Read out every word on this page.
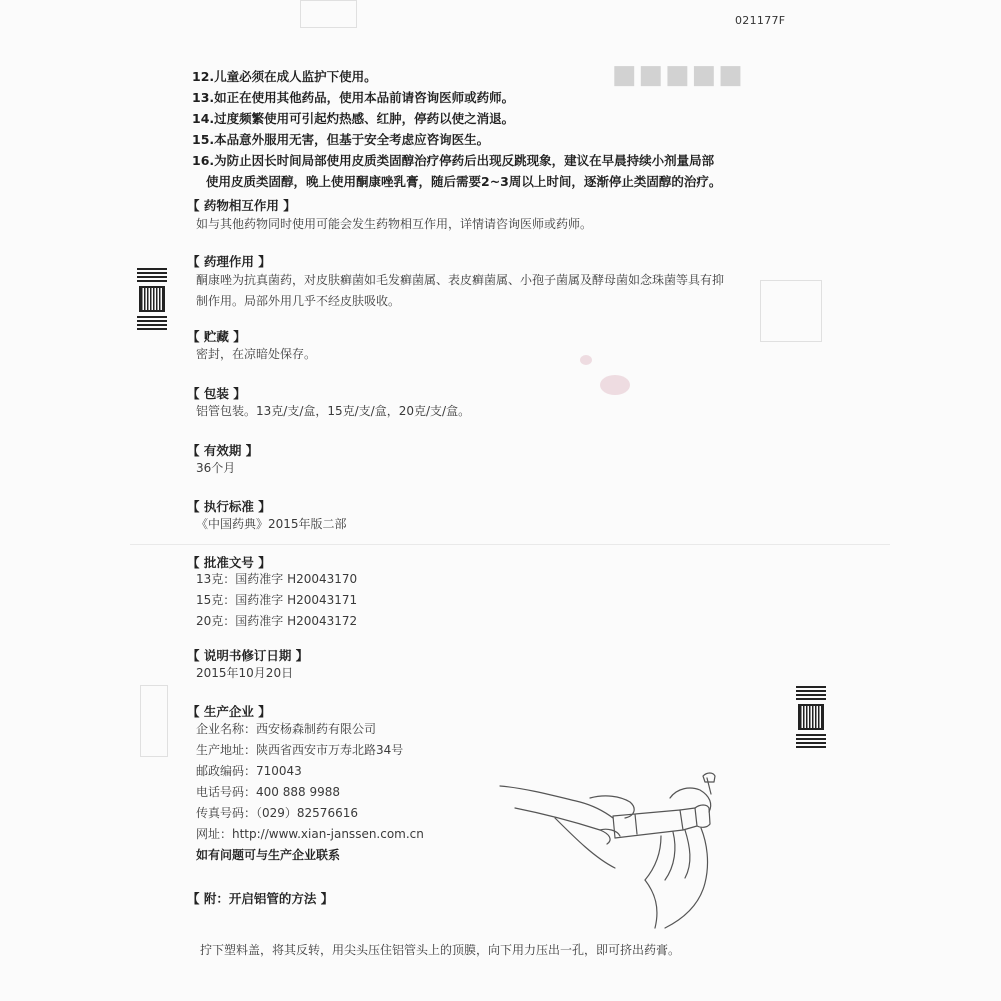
■■■■■
021177F
12.儿童必须在成人监护下使用。
13.如正在使用其他药品，使用本品前请咨询医师或药师。
14.过度频繁使用可引起灼热感、红肿，停药以使之消退。
15.本品意外服用无害，但基于安全考虑应咨询医生。
16.为防止因长时间局部使用皮质类固醇治疗停药后出现反跳现象，建议在早晨持续小剂量局部
使用皮质类固醇，晚上使用酮康唑乳膏，随后需要2~3周以上时间，逐渐停止类固醇的治疗。
【 药物相互作用 】
如与其他药物同时使用可能会发生药物相互作用，详情请咨询医师或药师。
【 药理作用 】
酮康唑为抗真菌药，对皮肤癣菌如毛发癣菌属、表皮癣菌属、小孢子菌属及酵母菌如念珠菌等具有抑
制作用。局部外用几乎不经皮肤吸收。
【 贮藏 】
密封，在凉暗处保存。
【 包装 】
铝管包装。13克/支/盒，15克/支/盒，20克/支/盒。
【 有效期 】
36个月
【 执行标准 】
《中国药典》2015年版二部
【 批准文号 】
13克：国药准字 H20043170
15克：国药准字 H20043171
20克：国药准字 H20043172
【 说明书修订日期 】
2015年10月20日
【 生产企业 】
企业名称：西安杨森制药有限公司
生产地址：陕西省西安市万寿北路34号
邮政编码：710043
电话号码：400 888 9988
传真号码：（029）82576616
网址：http://www.xian-janssen.com.cn
如有问题可与生产企业联系
【 附：开启铝管的方法 】
拧下塑料盖，将其反转，用尖头压住铝管头上的顶膜，向下用力压出一孔，即可挤出药膏。
